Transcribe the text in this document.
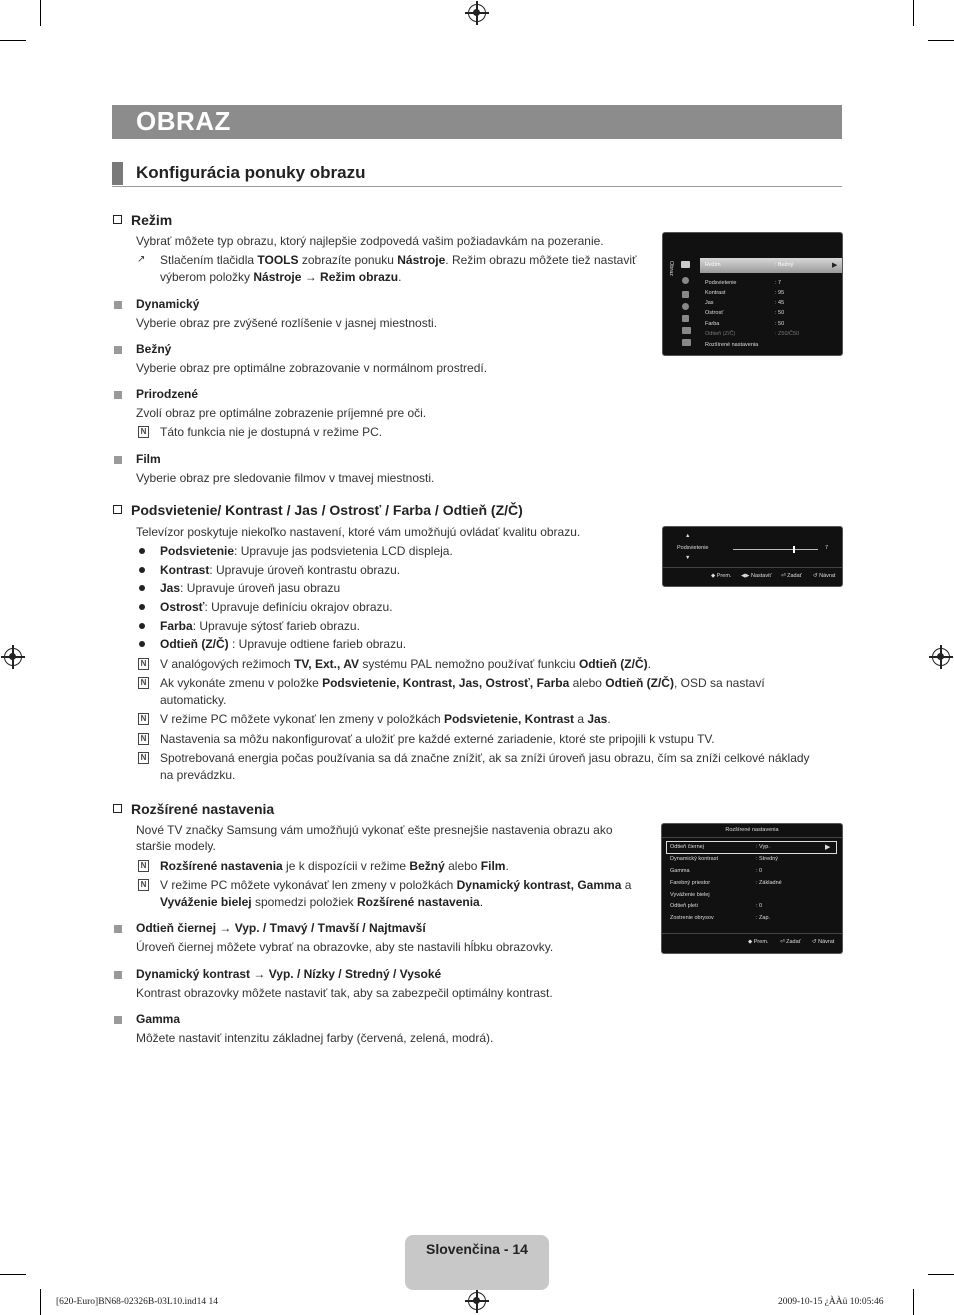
OBRAZ
Konfigurácia ponuky obrazu
Režim
Vybrať môžete typ obrazu, ktorý najlepšie zodpovedá vašim požiadavkám na pozeranie.
↗	Stlačením tlačidla TOOLS zobrazíte ponuku Nástroje. Režim obrazu môžete tiež nastaviť
výberom položky Nástroje → Režim obrazu.
Dynamický
Vyberie obraz pre zvýšené rozlíšenie v jasnej miestnosti.
Bežný
Vyberie obraz pre optimálne zobrazovanie v normálnom prostredí.
Prirodzené
Zvolí obraz pre optimálne zobrazenie príjemné pre oči.
N Táto funkcia nie je dostupná v režime PC.
Film
Vyberie obraz pre sledovanie filmov v tmavej miestnosti.
Obraz	Režim	: Bežný	▶
Podsvietenie	: 7
Kontrast	: 95
Jas	: 45
Ostrosť	: 50
Farba	: 50
Odtieň (Z/Č)	: Z50/Č50
Rozšírené nastavenia
Podsvietenie/ Kontrast / Jas / Ostrosť / Farba / Odtieň (Z/Č)
Televízor poskytuje niekoľko nastavení, ktoré vám umožňujú ovládať kvalitu obrazu.
Podsvietenie: Upravuje jas podsvietenia LCD displeja.
Kontrast: Upravuje úroveň kontrastu obrazu.
Jas: Upravuje úroveň jasu obrazu
Ostrosť: Upravuje definíciu okrajov obrazu.
Farba: Upravuje sýtosť farieb obrazu.
Odtieň (Z/Č) : Upravuje odtiene farieb obrazu.
N V analógových režimoch TV, Ext., AV systému PAL nemožno používať funkciu Odtieň (Z/Č).
N Ak vykonáte zmenu v položke Podsvietenie, Kontrast, Jas, Ostrosť, Farba alebo Odtieň (Z/Č), OSD sa nastaví
automaticky.
N V režime PC môžete vykonať len zmeny v položkách Podsvietenie, Kontrast a Jas.
N Nastavenia sa môžu nakonfigurovať a uložiť pre každé externé zariadenie, ktoré ste pripojili k vstupu TV.
N Spotrebovaná energia počas používania sa dá značne znížiť, ak sa zníži úroveň jasu obrazu, čím sa zníži celkové náklady
na prevádzku.
▲
Podsvietenie
▼
7
◆ Prem. ◀▶ Nastaviť ⏎ Zadať ↺ Návrat
Rozšírené nastavenia
Nové TV značky Samsung vám umožňujú vykonať ešte presnejšie nastavenia obrazu ako
staršie modely.
N Rozšírené nastavenia je k dispozícii v režime Bežný alebo Film.
N V režime PC môžete vykonávať len zmeny v položkách Dynamický kontrast, Gamma a
Vyváženie bielej spomedzi položiek Rozšírené nastavenia.
Odtieň čiernej → Vyp. / Tmavý / Tmavší / Najtmavší
Úroveň čiernej môžete vybrať na obrazovke, aby ste nastavili hĺbku obrazovky.
Dynamický kontrast → Vyp. / Nízky / Stredný / Vysoké
Kontrast obrazovky môžete nastaviť tak, aby sa zabezpečil optimálny kontrast.
Gamma
Môžete nastaviť intenzitu základnej farby (červená, zelená, modrá).
Rozšírené nastavenia
Odtieň čiernej	: Vyp.	▶
Dynamický kontrast	: Stredný
Gamma	: 0
Farebný priestor	: Základné
Vyváženie bielej
Odtieň pleti	: 0
Zostrenie obrysov	: Zap.
◆ Prem. ⏎ Zadať ↺ Návrat
Slovenčina - 14
[620-Euro]BN68-02326B-03L10.ind14 14	2009-10-15 ¿ÀÀü 10:05:46
